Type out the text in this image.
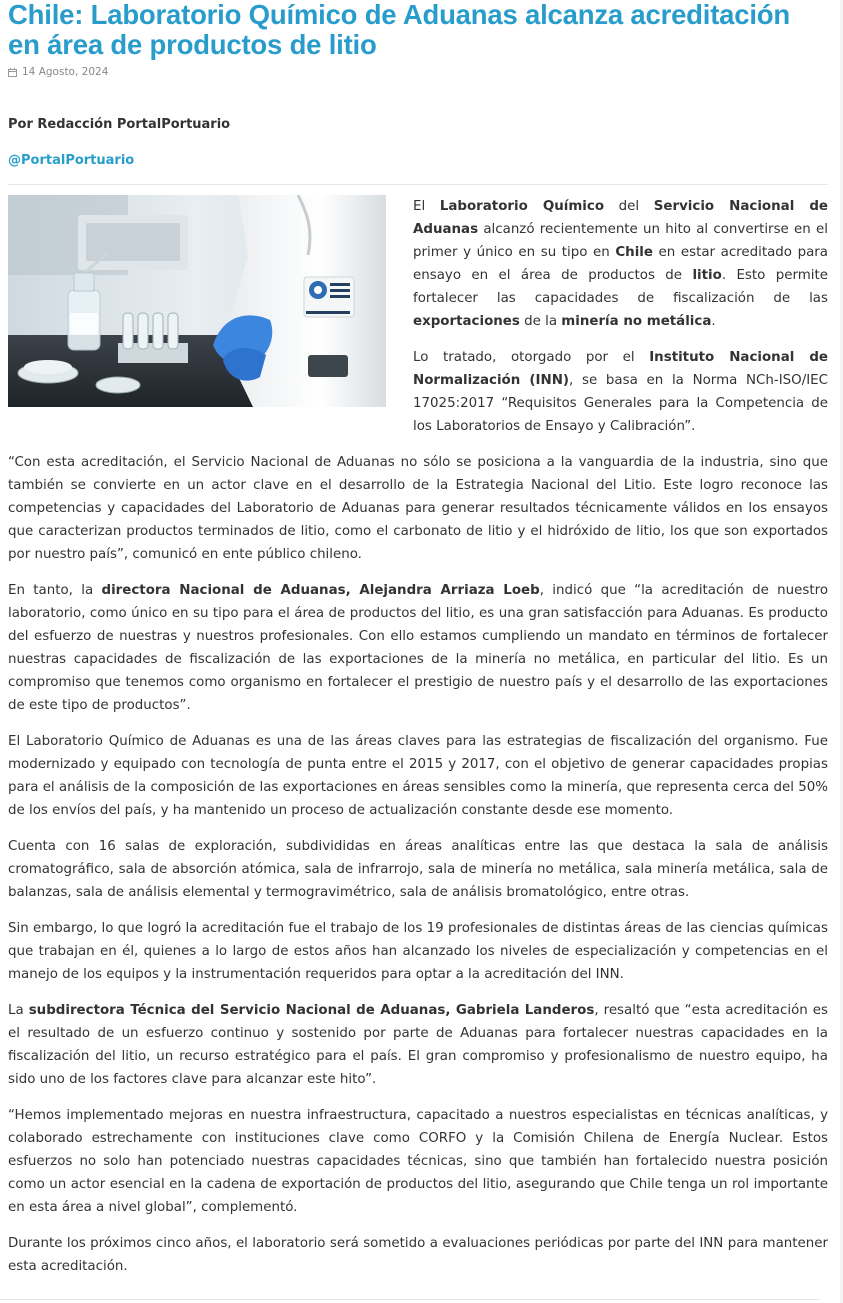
Chile: Laboratorio Químico de Aduanas alcanza acreditación en área de productos de litio
14 Agosto, 2024
Por Redacción PortalPortuario
@PortalPortuario

El Laboratorio Químico del Servicio Nacional de Aduanas alcanzó recientemente un hito al convertirse en el primer y único en su tipo en Chile en estar acreditado para ensayo en el área de productos de litio. Esto permite fortalecer las capacidades de fiscalización de las exportaciones de la minería no metálica.

Lo tratado, otorgado por el Instituto Nacional de Normalización (INN), se basa en la Norma NCh-ISO/IEC 17025:2017 “Requisitos Generales para la Competencia de los Laboratorios de Ensayo y Calibración”.

“Con esta acreditación, el Servicio Nacional de Aduanas no sólo se posiciona a la vanguardia de la industria, sino que también se convierte en un actor clave en el desarrollo de la Estrategia Nacional del Litio. Este logro reconoce las competencias y capacidades del Laboratorio de Aduanas para generar resultados técnicamente válidos en los ensayos que caracterizan productos terminados de litio, como el carbonato de litio y el hidróxido de litio, los que son exportados por nuestro país”, comunicó en ente público chileno.

En tanto, la directora Nacional de Aduanas, Alejandra Arriaza Loeb, indicó que “la acreditación de nuestro laboratorio, como único en su tipo para el área de productos del litio, es una gran satisfacción para Aduanas. Es producto del esfuerzo de nuestras y nuestros profesionales. Con ello estamos cumpliendo un mandato en términos de fortalecer nuestras capacidades de fiscalización de las exportaciones de la minería no metálica, en particular del litio. Es un compromiso que tenemos como organismo en fortalecer el prestigio de nuestro país y el desarrollo de las exportaciones de este tipo de productos”.

El Laboratorio Químico de Aduanas es una de las áreas claves para las estrategias de fiscalización del organismo. Fue modernizado y equipado con tecnología de punta entre el 2015 y 2017, con el objetivo de generar capacidades propias para el análisis de la composición de las exportaciones en áreas sensibles como la minería, que representa cerca del 50% de los envíos del país, y ha mantenido un proceso de actualización constante desde ese momento.

Cuenta con 16 salas de exploración, subdivididas en áreas analíticas entre las que destaca la sala de análisis cromatográfico, sala de absorción atómica, sala de infrarrojo, sala de minería no metálica, sala minería metálica, sala de balanzas, sala de análisis elemental y termogravimétrico, sala de análisis bromatológico, entre otras.

Sin embargo, lo que logró la acreditación fue el trabajo de los 19 profesionales de distintas áreas de las ciencias químicas que trabajan en él, quienes a lo largo de estos años han alcanzado los niveles de especialización y competencias en el manejo de los equipos y la instrumentación requeridos para optar a la acreditación del INN.

La subdirectora Técnica del Servicio Nacional de Aduanas, Gabriela Landeros, resaltó que “esta acreditación es el resultado de un esfuerzo continuo y sostenido por parte de Aduanas para fortalecer nuestras capacidades en la fiscalización del litio, un recurso estratégico para el país. El gran compromiso y profesionalismo de nuestro equipo, ha sido uno de los factores clave para alcanzar este hito”.

“Hemos implementado mejoras en nuestra infraestructura, capacitado a nuestros especialistas en técnicas analíticas, y colaborado estrechamente con instituciones clave como CORFO y la Comisión Chilena de Energía Nuclear. Estos esfuerzos no solo han potenciado nuestras capacidades técnicas, sino que también han fortalecido nuestra posición como un actor esencial en la cadena de exportación de productos del litio, asegurando que Chile tenga un rol importante en esta área a nivel global”, complementó.

Durante los próximos cinco años, el laboratorio será sometido a evaluaciones periódicas por parte del INN para mantener esta acreditación.
